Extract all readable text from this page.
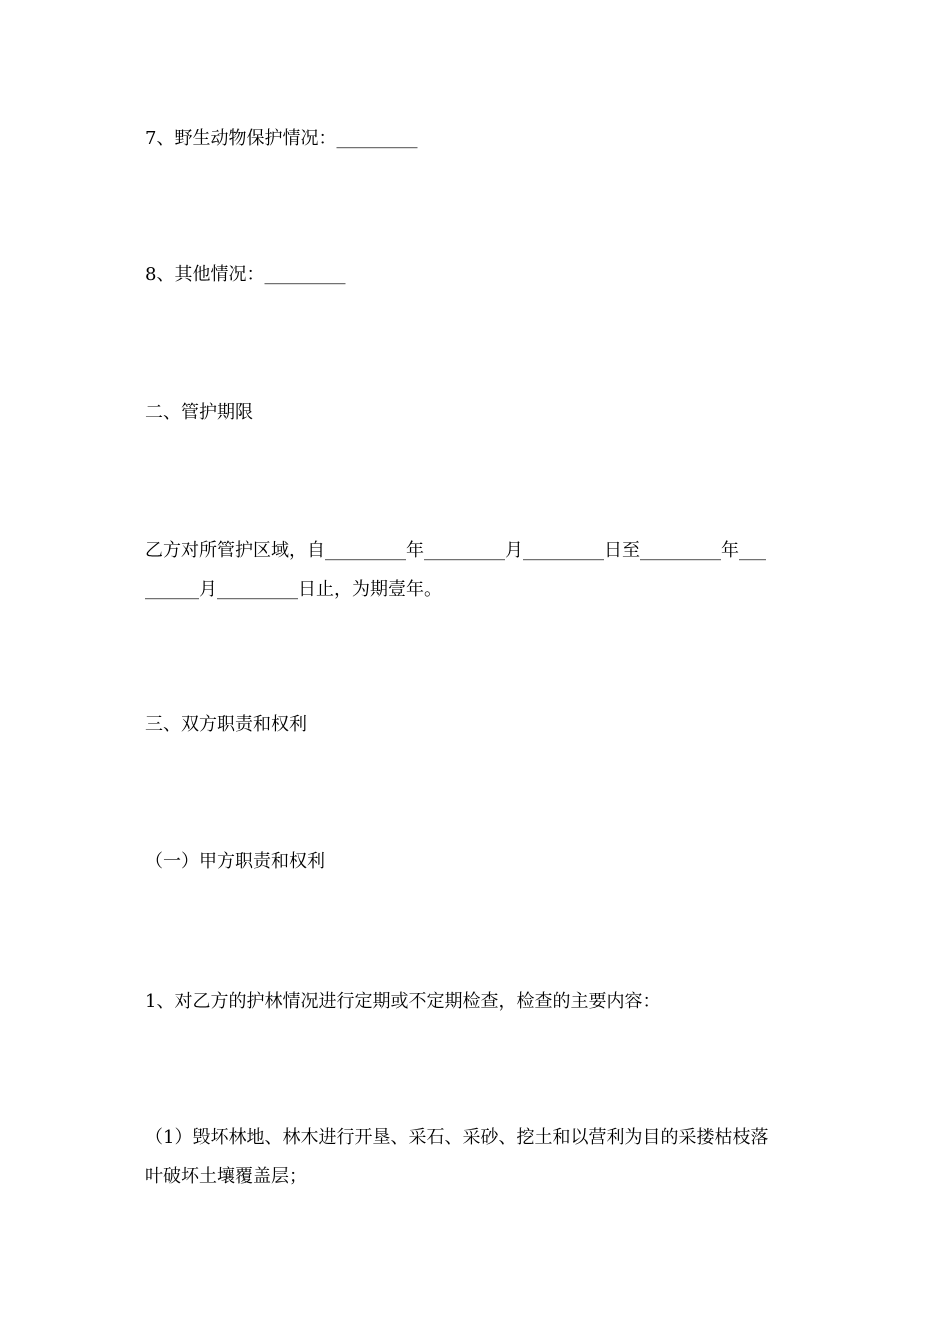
7、野生动物保护情况：_________
8、其他情况：_________
二、管护期限
乙方对所管护区域，自_________年_________月_________日至_________年___
______月_________日止，为期壹年。
三、双方职责和权利
（一）甲方职责和权利
1、对乙方的护林情况进行定期或不定期检查，检查的主要内容：
（1）毁坏林地、林木进行开垦、采石、采砂、挖土和以营利为目的采搂枯枝落
叶破坏土壤覆盖层；
